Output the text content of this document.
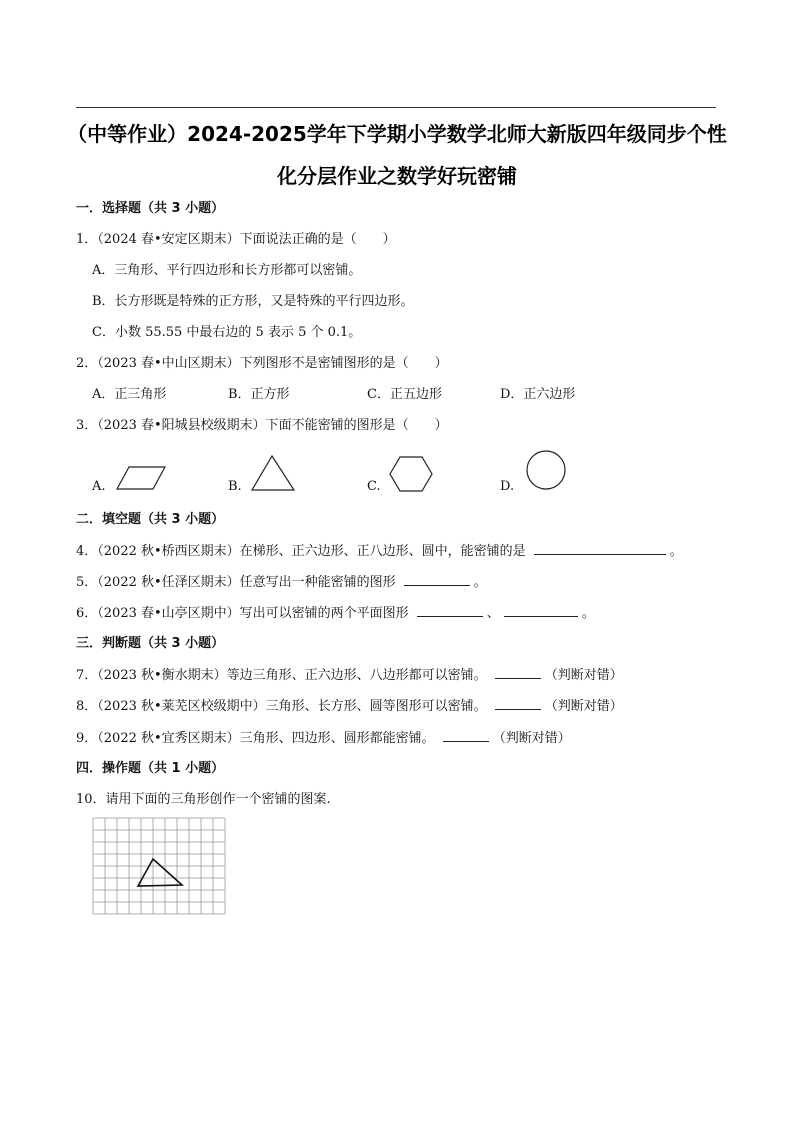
（中等作业）2024-2025学年下学期小学数学北师大新版四年级同步个性
化分层作业之数学好玩密铺
一．选择题（共 3 小题）
1．（2024 春•安定区期末）下面说法正确的是（　　）
A．三角形、平行四边形和长方形都可以密铺。
B．长方形既是特殊的正方形，又是特殊的平行四边形。
C．小数 55.55 中最右边的 5 表示 5 个 0.1。
2．（2023 春•中山区期末）下列图形不是密铺图形的是（　　）
A．正三角形	B．正方形	C．正五边形	D．正六边形
3．（2023 春•阳城县校级期末）下面不能密铺的图形是（　　）
A.	B.	C.	D.
二．填空题（共 3 小题）
4．（2022 秋•桥西区期末）在梯形、正六边形、正八边形、圆中，能密铺的是	。
5．（2022 秋•任泽区期末）任意写出一种能密铺的图形	。
6．（2023 春•山亭区期中）写出可以密铺的两个平面图形	、	。
三．判断题（共 3 小题）
7．（2023 秋•衡水期末）等边三角形、正六边形、八边形都可以密铺。	（判断对错）
8．（2023 秋•莱芜区校级期中）三角形、长方形、圆等图形可以密铺。	（判断对错）
9．（2022 秋•宜秀区期末）三角形、四边形、圆形都能密铺。	（判断对错）
四．操作题（共 1 小题）
10．请用下面的三角形创作一个密铺的图案.
